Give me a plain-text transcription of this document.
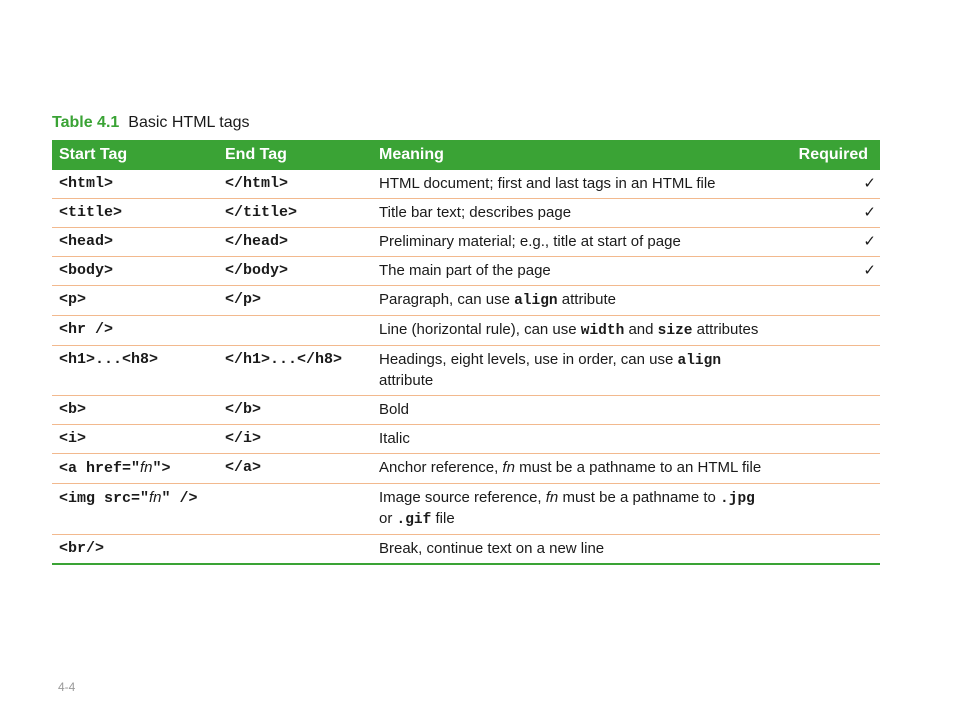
Table 4.1 Basic HTML tags
Start Tag	End Tag	Meaning	Required
<html>	</html>	HTML document; first and last tags in an HTML file	✓
<title>	</title>	Title bar text; describes page	✓
<head>	</head>	Preliminary material; e.g., title at start of page	✓
<body>	</body>	The main part of the page	✓
<p>	</p>	Paragraph, can use align attribute	
<hr />		Line (horizontal rule), can use width and size attributes	
<h1>...<h8>	</h1>...</h8>	Headings, eight levels, use in order, can use align attribute	
<b>	</b>	Bold	
<i>	</i>	Italic	
<a href="fn">	</a>	Anchor reference, fn must be a pathname to an HTML file	
<img src="fn" />		Image source reference, fn must be a pathname to .jpg or .gif file	
<br/>		Break, continue text on a new line	
4-4
